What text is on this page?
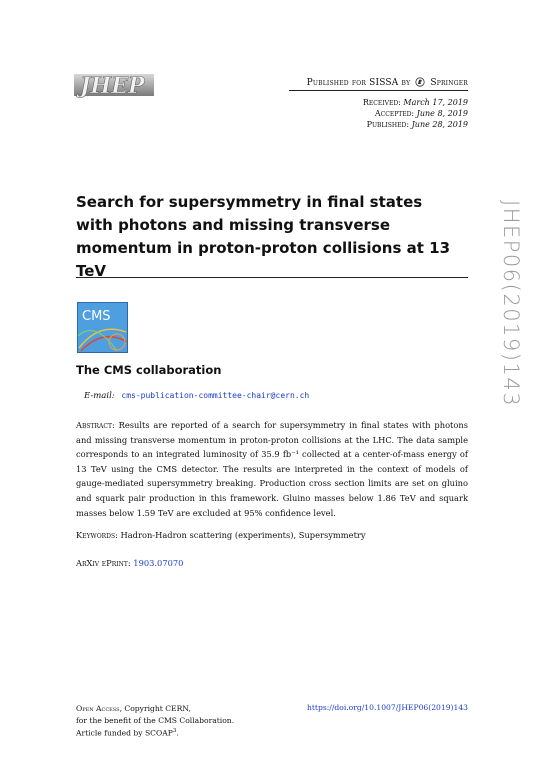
JHEP	Published for SISSA by Springer
Received: March 17, 2019
Accepted: June 8, 2019
Published: June 28, 2019
Search for supersymmetry in final states with photons and missing transverse momentum in proton-proton collisions at 13 TeV
CMS
The CMS collaboration
E-mail: cms-publication-committee-chair@cern.ch
Abstract: Results are reported of a search for supersymmetry in final states with photons and missing transverse momentum in proton-proton collisions at the LHC. The data sample corresponds to an integrated luminosity of 35.9 fb⁻¹ collected at a center-of-mass energy of 13 TeV using the CMS detector. The results are interpreted in the context of models of gauge-mediated supersymmetry breaking. Production cross section limits are set on gluino and squark pair production in this framework. Gluino masses below 1.86 TeV and squark masses below 1.59 TeV are excluded at 95% confidence level.
Keywords: Hadron-Hadron scattering (experiments), Supersymmetry
ArXiv ePrint: 1903.07070
JHEP06(2019)143
Open Access, Copyright CERN,
for the benefit of the CMS Collaboration.
Article funded by SCOAP$^3$.
https://doi.org/10.1007/JHEP06(2019)143
